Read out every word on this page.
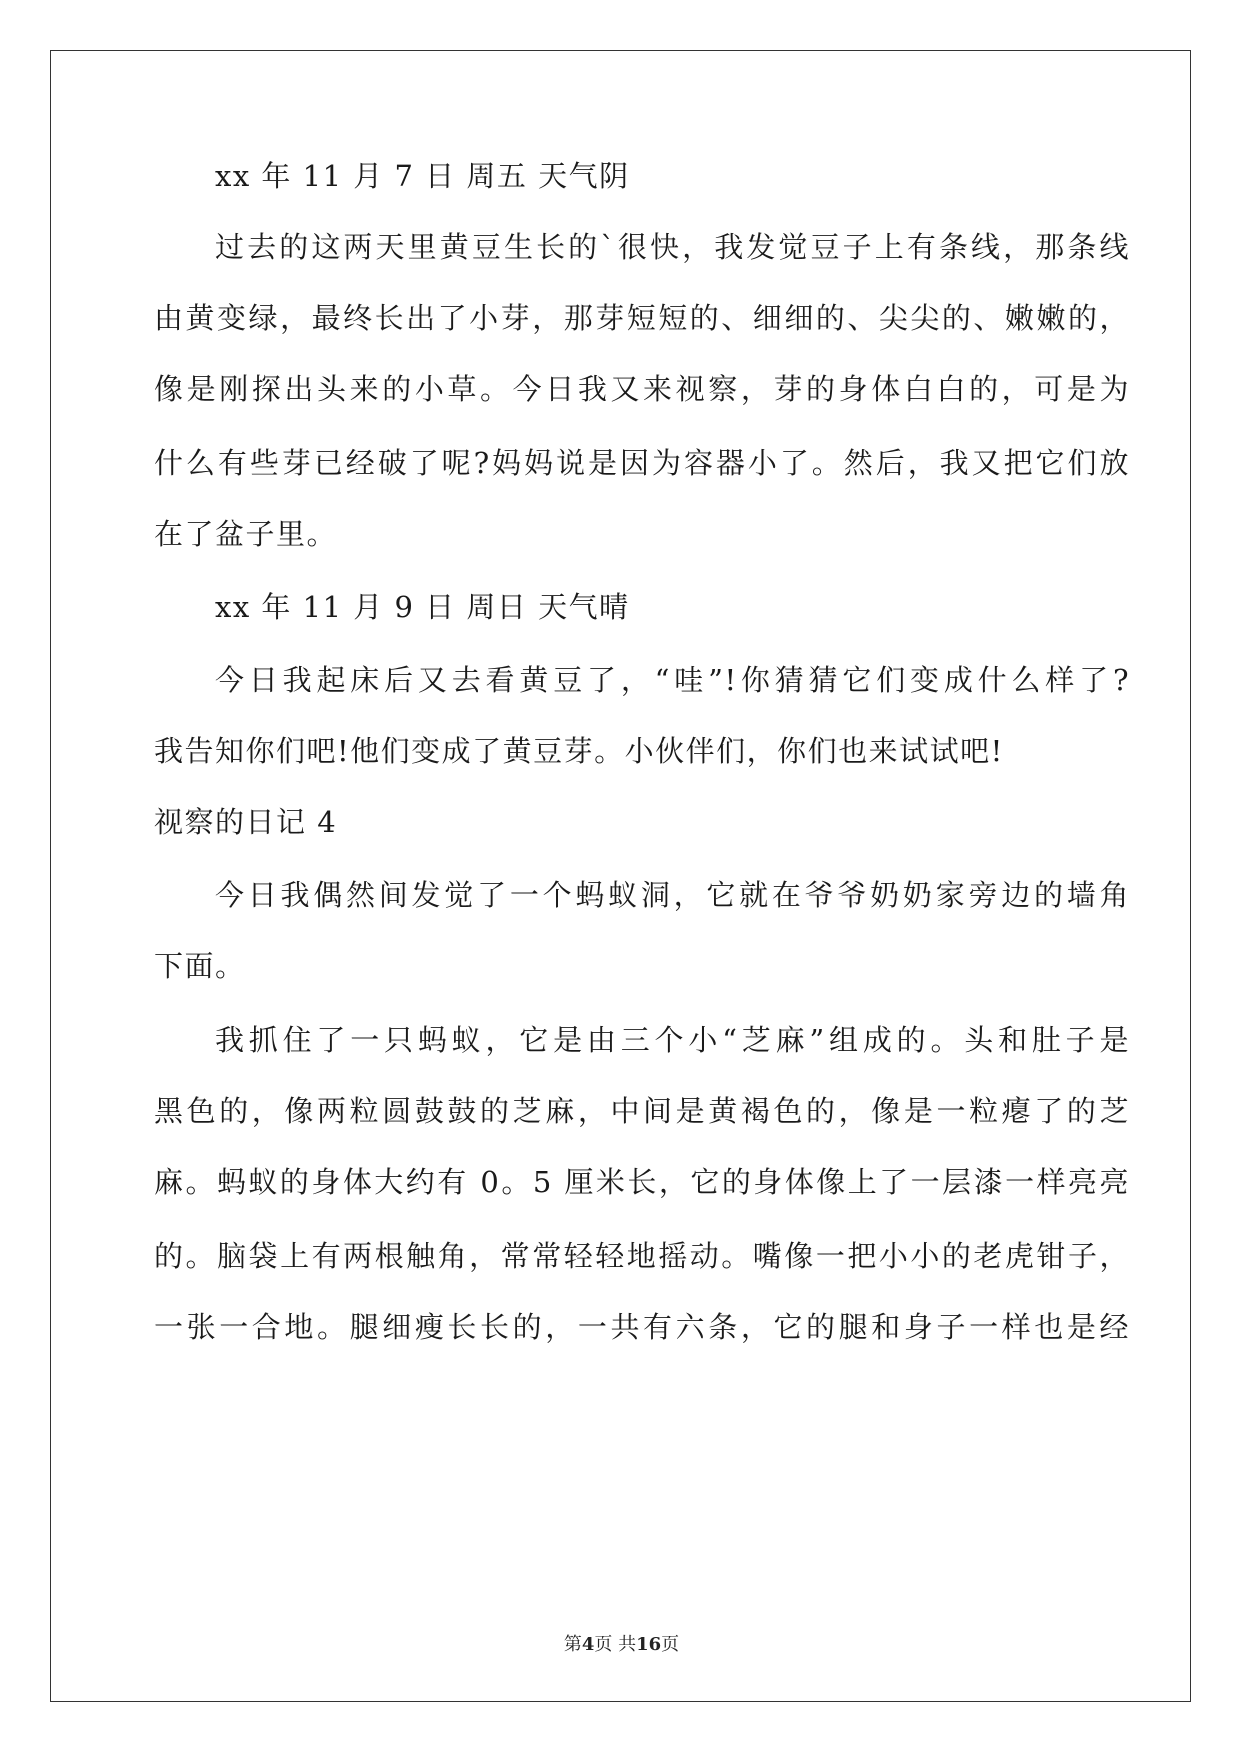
xx 年 11 月 7 日 周五 天气阴
过去的这两天里黄豆生长的`很快，我发觉豆子上有条线，那条线
由黄变绿，最终长出了小芽，那芽短短的、细细的、尖尖的、嫩嫩的，
像是刚探出头来的小草。今日我又来视察，芽的身体白白的，可是为
什么有些芽已经破了呢?妈妈说是因为容器小了。然后，我又把它们放
在了盆子里。
xx 年 11 月 9 日 周日 天气晴
今日我起床后又去看黄豆了，“哇”!你猜猜它们变成什么样了?
我告知你们吧!他们变成了黄豆芽。小伙伴们，你们也来试试吧!
视察的日记 4
今日我偶然间发觉了一个蚂蚁洞，它就在爷爷奶奶家旁边的墙角
下面。
我抓住了一只蚂蚁，它是由三个小“芝麻”组成的。头和肚子是
黑色的，像两粒圆鼓鼓的芝麻，中间是黄褐色的，像是一粒瘪了的芝
麻。蚂蚁的身体大约有 0。5 厘米长，它的身体像上了一层漆一样亮亮
的。脑袋上有两根触角，常常轻轻地摇动。嘴像一把小小的老虎钳子，
一张一合地。腿细瘦长长的，一共有六条，它的腿和身子一样也是经
第4页 共16页
